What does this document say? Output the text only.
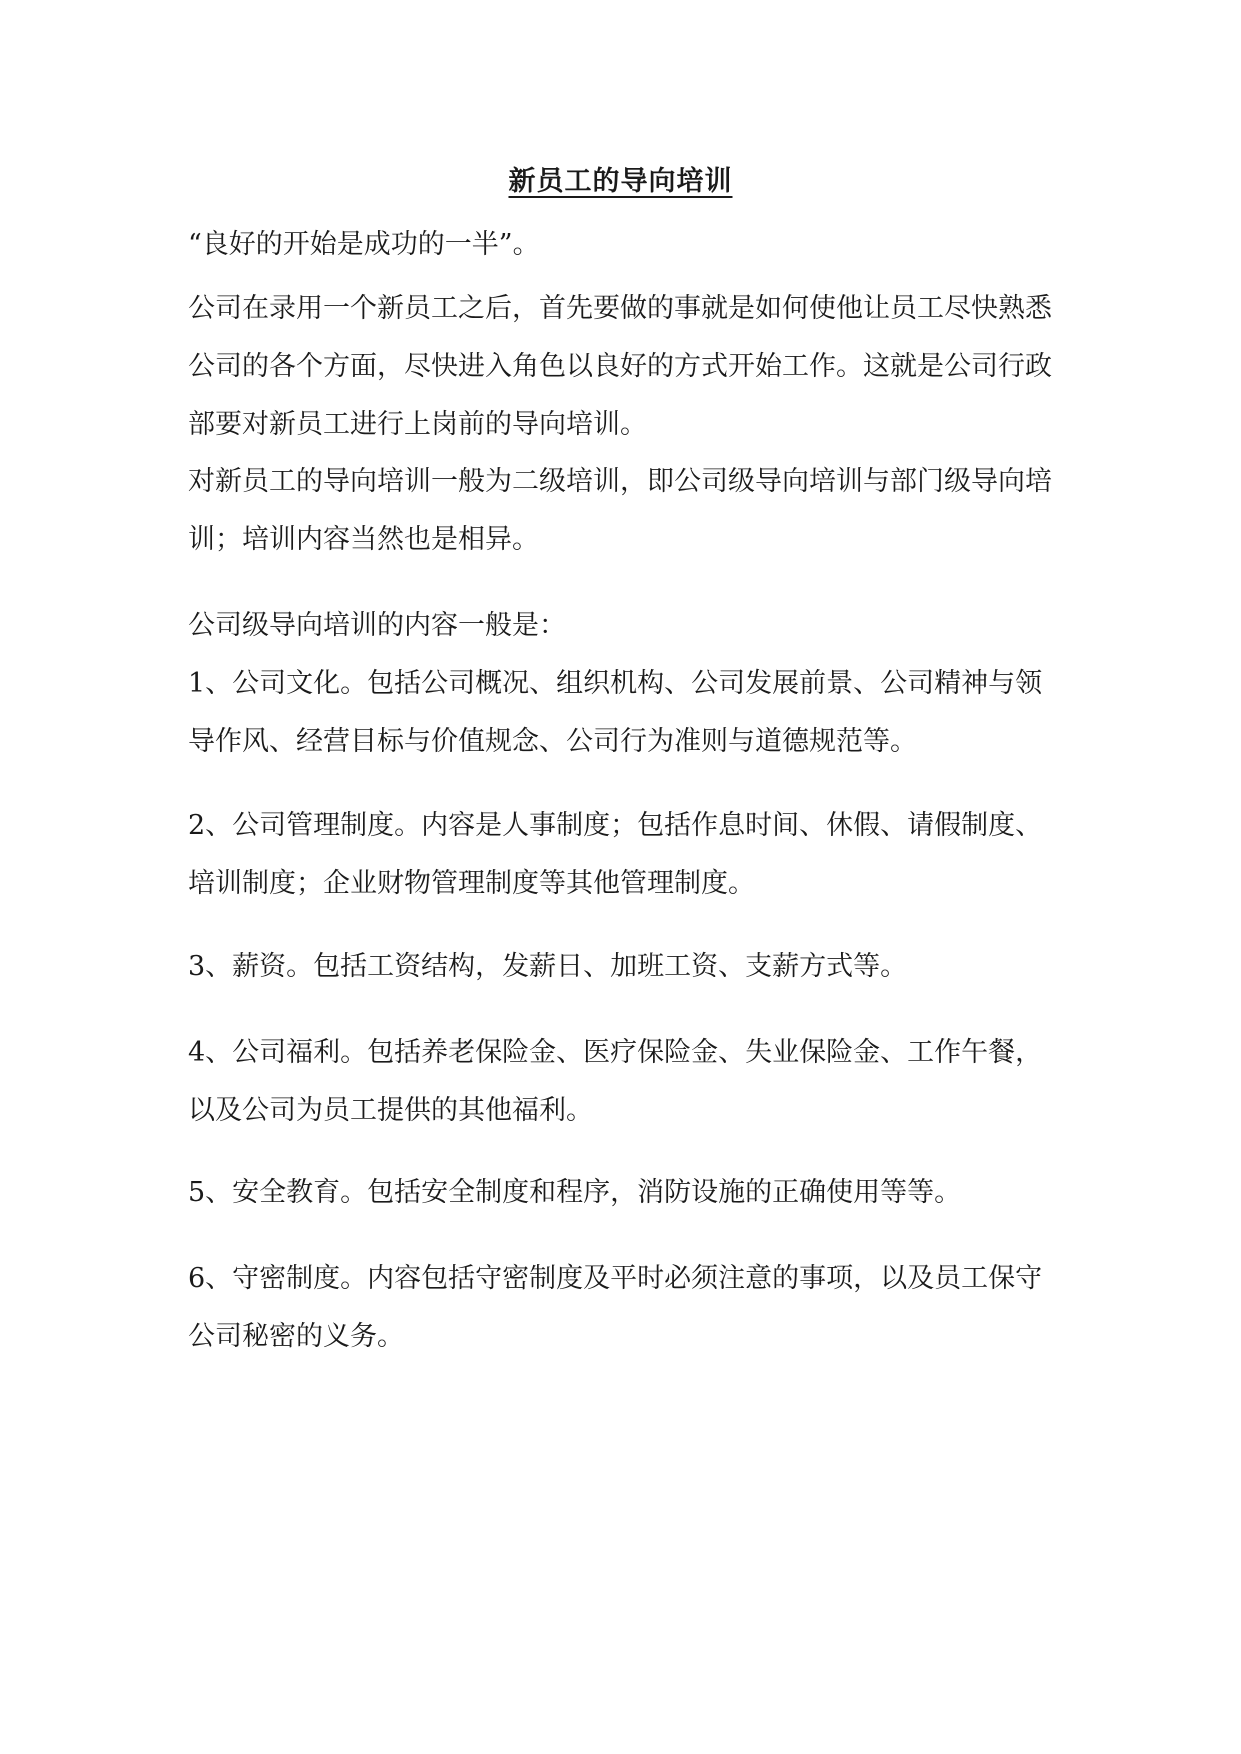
新员工的导向培训

“良好的开始是成功的一半”。

公司在录用一个新员工之后，首先要做的事就是如何使他让员工尽快熟悉公司的各个方面，尽快进入角色以良好的方式开始工作。这就是公司行政部要对新员工进行上岗前的导向培训。

对新员工的导向培训一般为二级培训，即公司级导向培训与部门级导向培训；培训内容当然也是相异。

公司级导向培训的内容一般是：

1、公司文化。包括公司概况、组织机构、公司发展前景、公司精神与领导作风、经营目标与价值规念、公司行为准则与道德规范等。

2、公司管理制度。内容是人事制度；包括作息时间、休假、请假制度、培训制度；企业财物管理制度等其他管理制度。

3、薪资。包括工资结构，发薪日、加班工资、支薪方式等。

4、公司福利。包括养老保险金、医疗保险金、失业保险金、工作午餐，以及公司为员工提供的其他福利。

5、安全教育。包括安全制度和程序，消防设施的正确使用等等。

6、守密制度。内容包括守密制度及平时必须注意的事项，以及员工保守公司秘密的义务。
